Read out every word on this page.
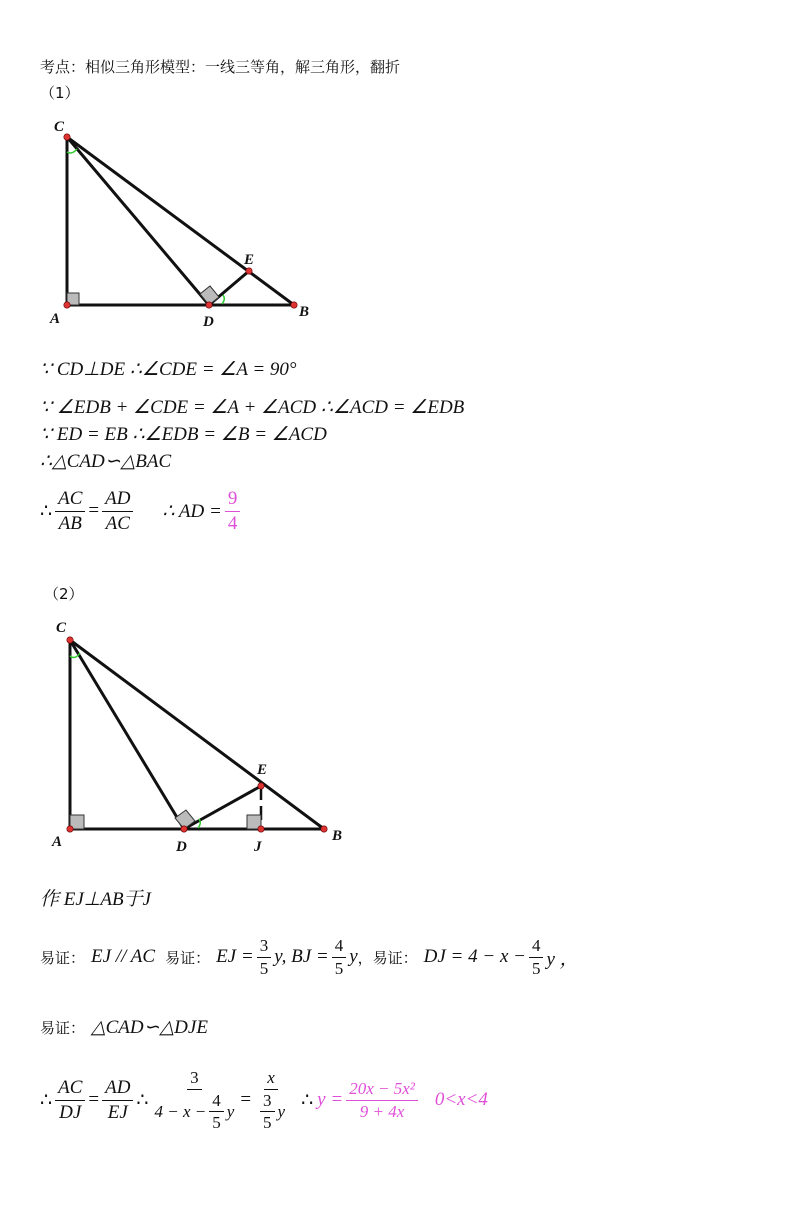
考点：相似三角形模型：一线三等角，解三角形，翻折
（1）
C
A	D
B
E
∵ CD⊥DE ∴∠CDE = ∠A = 90°
∵ ∠EDB + ∠CDE = ∠A + ∠ACD ∴∠ACD = ∠EDB
∵ ED = EB ∴∠EDB = ∠B = ∠ACD
∴△CAD∽△BAC
∴ $\frac{AC}{AB} = \frac{AD}{AC}$ ∴ AD = $\frac{9}{4}$
（2）
C
A	D	J
B
E
作 EJ⊥AB于J
易证： EJ // AC 易证： EJ = $\frac{3}{5} y$, BJ = $\frac{4}{5}$ y ，易证： DJ = $4 - x - \frac{4}{5}$ y ，
易证： △CAD∽△DJE
∴ $\frac{AC}{DJ} = \frac{AD}{EJ}$ ∴ $\frac{3}{4 - x - \frac{4}{5} y} = \frac{x}{\frac{3}{5} y}$ ∴ $y = \frac{\text{20x − 5x²}}{9 + 4x} 0<x<4$
